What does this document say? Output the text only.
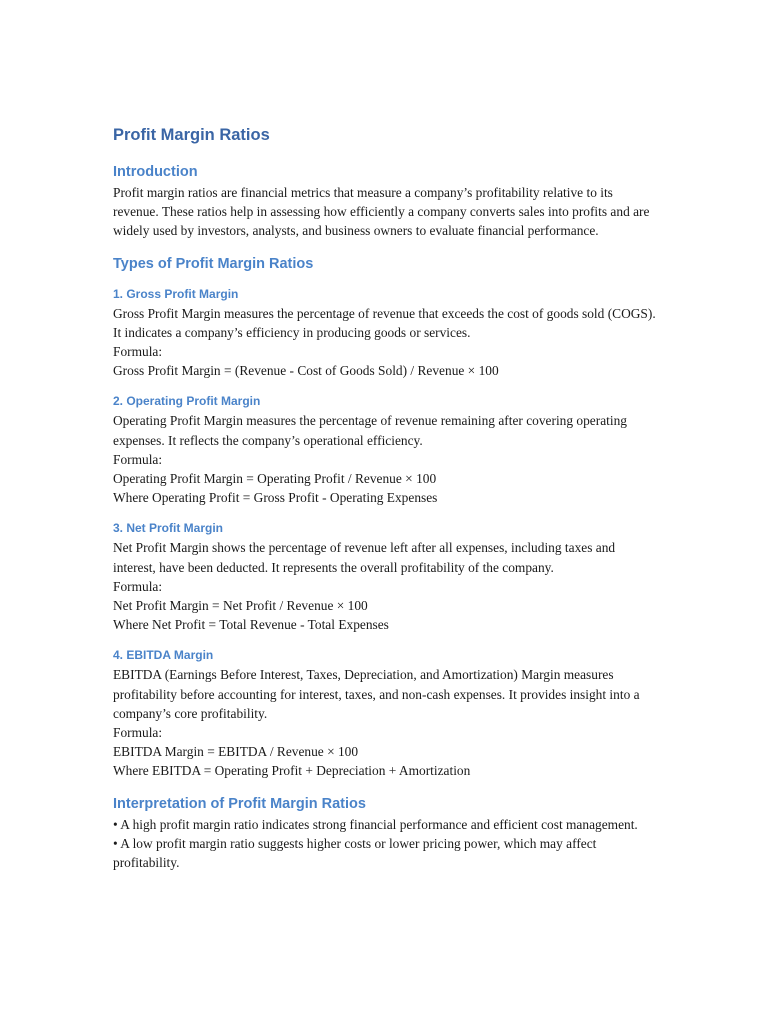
Profit Margin Ratios
Introduction

Profit margin ratios are financial metrics that measure a company’s profitability relative to its revenue. These ratios help in assessing how efficiently a company converts sales into profits and are widely used by investors, analysts, and business owners to evaluate financial performance.

Types of Profit Margin Ratios
1. Gross Profit Margin

Gross Profit Margin measures the percentage of revenue that exceeds the cost of goods sold (COGS). It indicates a company’s efficiency in producing goods or services.

Formula:
Gross Profit Margin = (Revenue - Cost of Goods Sold) / Revenue × 100
2. Operating Profit Margin

Operating Profit Margin measures the percentage of revenue remaining after covering operating expenses. It reflects the company’s operational efficiency.

Formula:
Operating Profit Margin = Operating Profit / Revenue × 100
Where Operating Profit = Gross Profit - Operating Expenses
3. Net Profit Margin

Net Profit Margin shows the percentage of revenue left after all expenses, including taxes and interest, have been deducted. It represents the overall profitability of the company.

Formula:
Net Profit Margin = Net Profit / Revenue × 100
Where Net Profit = Total Revenue - Total Expenses
4. EBITDA Margin

EBITDA (Earnings Before Interest, Taxes, Depreciation, and Amortization) Margin measures profitability before accounting for interest, taxes, and non-cash expenses. It provides insight into a company’s core profitability.

Formula:
EBITDA Margin = EBITDA / Revenue × 100
Where EBITDA = Operating Profit + Depreciation + Amortization
Interpretation of Profit Margin Ratios
• A high profit margin ratio indicates strong financial performance and efficient cost management.
• A low profit margin ratio suggests higher costs or lower pricing power, which may affect profitability.
